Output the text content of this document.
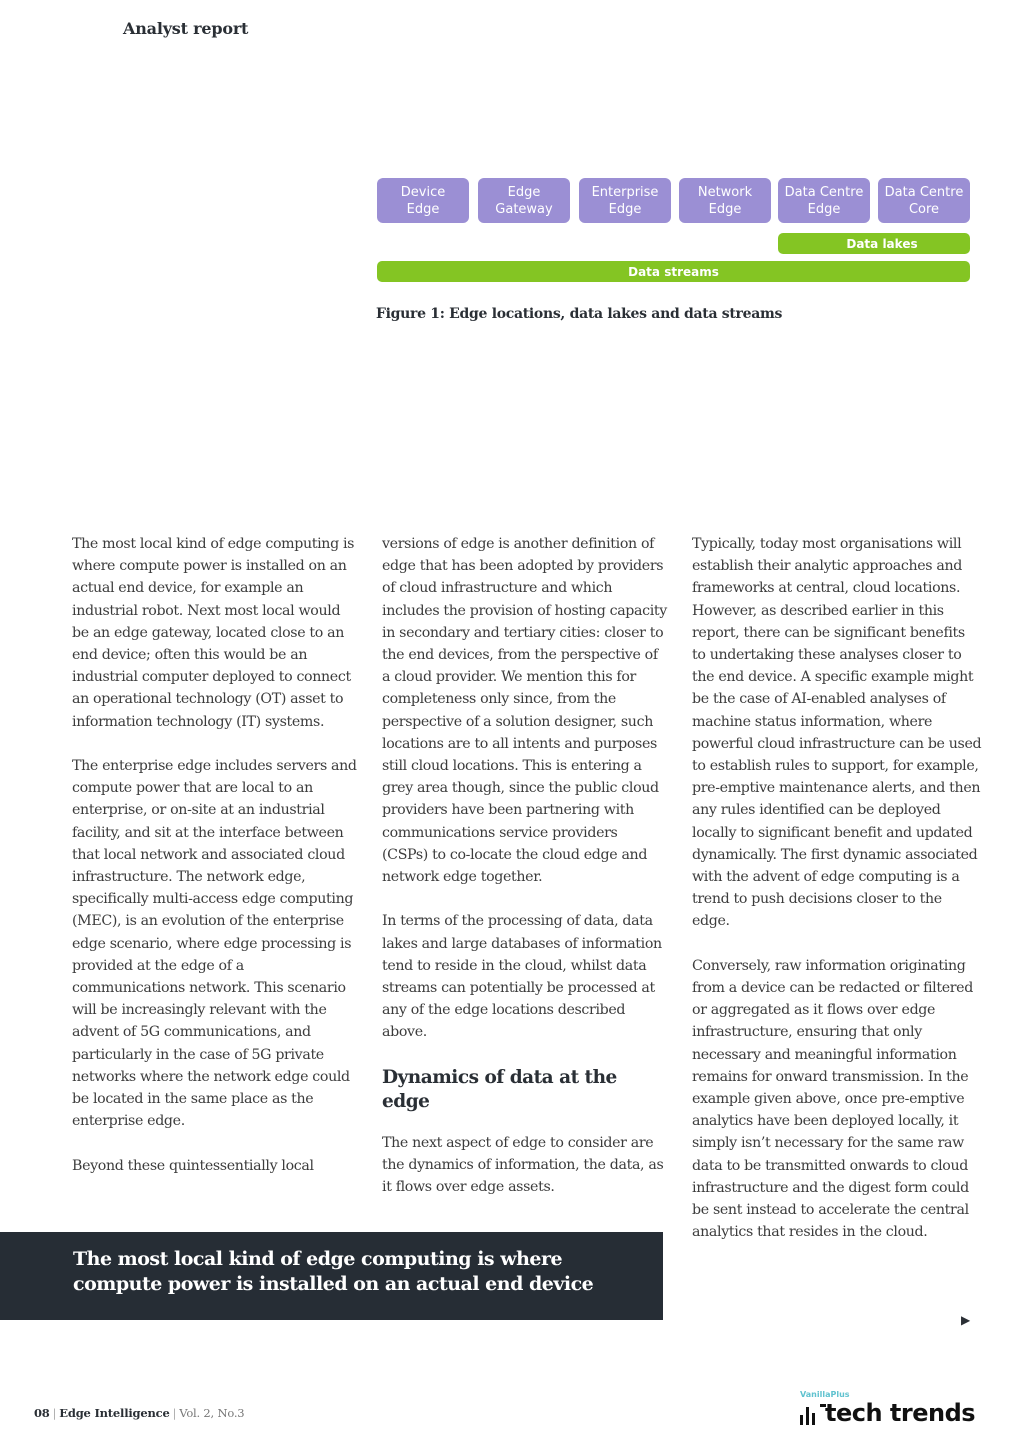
Analyst report
Device
Edge
Edge
Gateway
Enterprise
Edge
Network
Edge
Data Centre
Edge
Data Centre
Core
Data lakes
Data streams
Figure 1: Edge locations, data lakes and data streams

The most local kind of edge computing is where compute power is installed on an actual end device, for example an industrial robot. Next most local would be an edge gateway, located close to an end device; often this would be an industrial computer deployed to connect an operational technology (OT) asset to information technology (IT) systems.

The enterprise edge includes servers and compute power that are local to an enterprise, or on-site at an industrial facility, and sit at the interface between that local network and associated cloud infrastructure. The network edge, specifically multi-access edge computing (MEC), is an evolution of the enterprise edge scenario, where edge processing is provided at the edge of a communications network. This scenario will be increasingly relevant with the advent of 5G communications, and particularly in the case of 5G private networks where the network edge could be located in the same place as the enterprise edge.

Beyond these quintessentially local

versions of edge is another definition of edge that has been adopted by providers of cloud infrastructure and which includes the provision of hosting capacity in secondary and tertiary cities: closer to the end devices, from the perspective of a cloud provider. We mention this for completeness only since, from the perspective of a solution designer, such locations are to all intents and purposes still cloud locations. This is entering a grey area though, since the public cloud providers have been partnering with communications service providers (CSPs) to co-locate the cloud edge and network edge together.

In terms of the processing of data, data lakes and large databases of information tend to reside in the cloud, whilst data streams can potentially be processed at any of the edge locations described above.

Dynamics of data at the edge

The next aspect of edge to consider are the dynamics of information, the data, as it flows over edge assets.

Typically, today most organisations will establish their analytic approaches and frameworks at central, cloud locations. However, as described earlier in this report, there can be significant benefits to undertaking these analyses closer to the end device. A specific example might be the case of AI-enabled analyses of machine status information, where powerful cloud infrastructure can be used to establish rules to support, for example, pre-emptive maintenance alerts, and then any rules identified can be deployed locally to significant benefit and updated dynamically. The first dynamic associated with the advent of edge computing is a trend to push decisions closer to the edge.

Conversely, raw information originating from a device can be redacted or filtered or aggregated as it flows over edge infrastructure, ensuring that only necessary and meaningful information remains for onward transmission. In the example given above, once pre-emptive analytics have been deployed locally, it simply isn’t necessary for the same raw data to be transmitted onwards to cloud infrastructure and the digest form could be sent instead to accelerate the central analytics that resides in the cloud.

▶
The most local kind of edge computing is where compute power is installed on an actual end device
08 | Edge Intelligence | Vol. 2, No.3
VanillaPlus
tech trends
